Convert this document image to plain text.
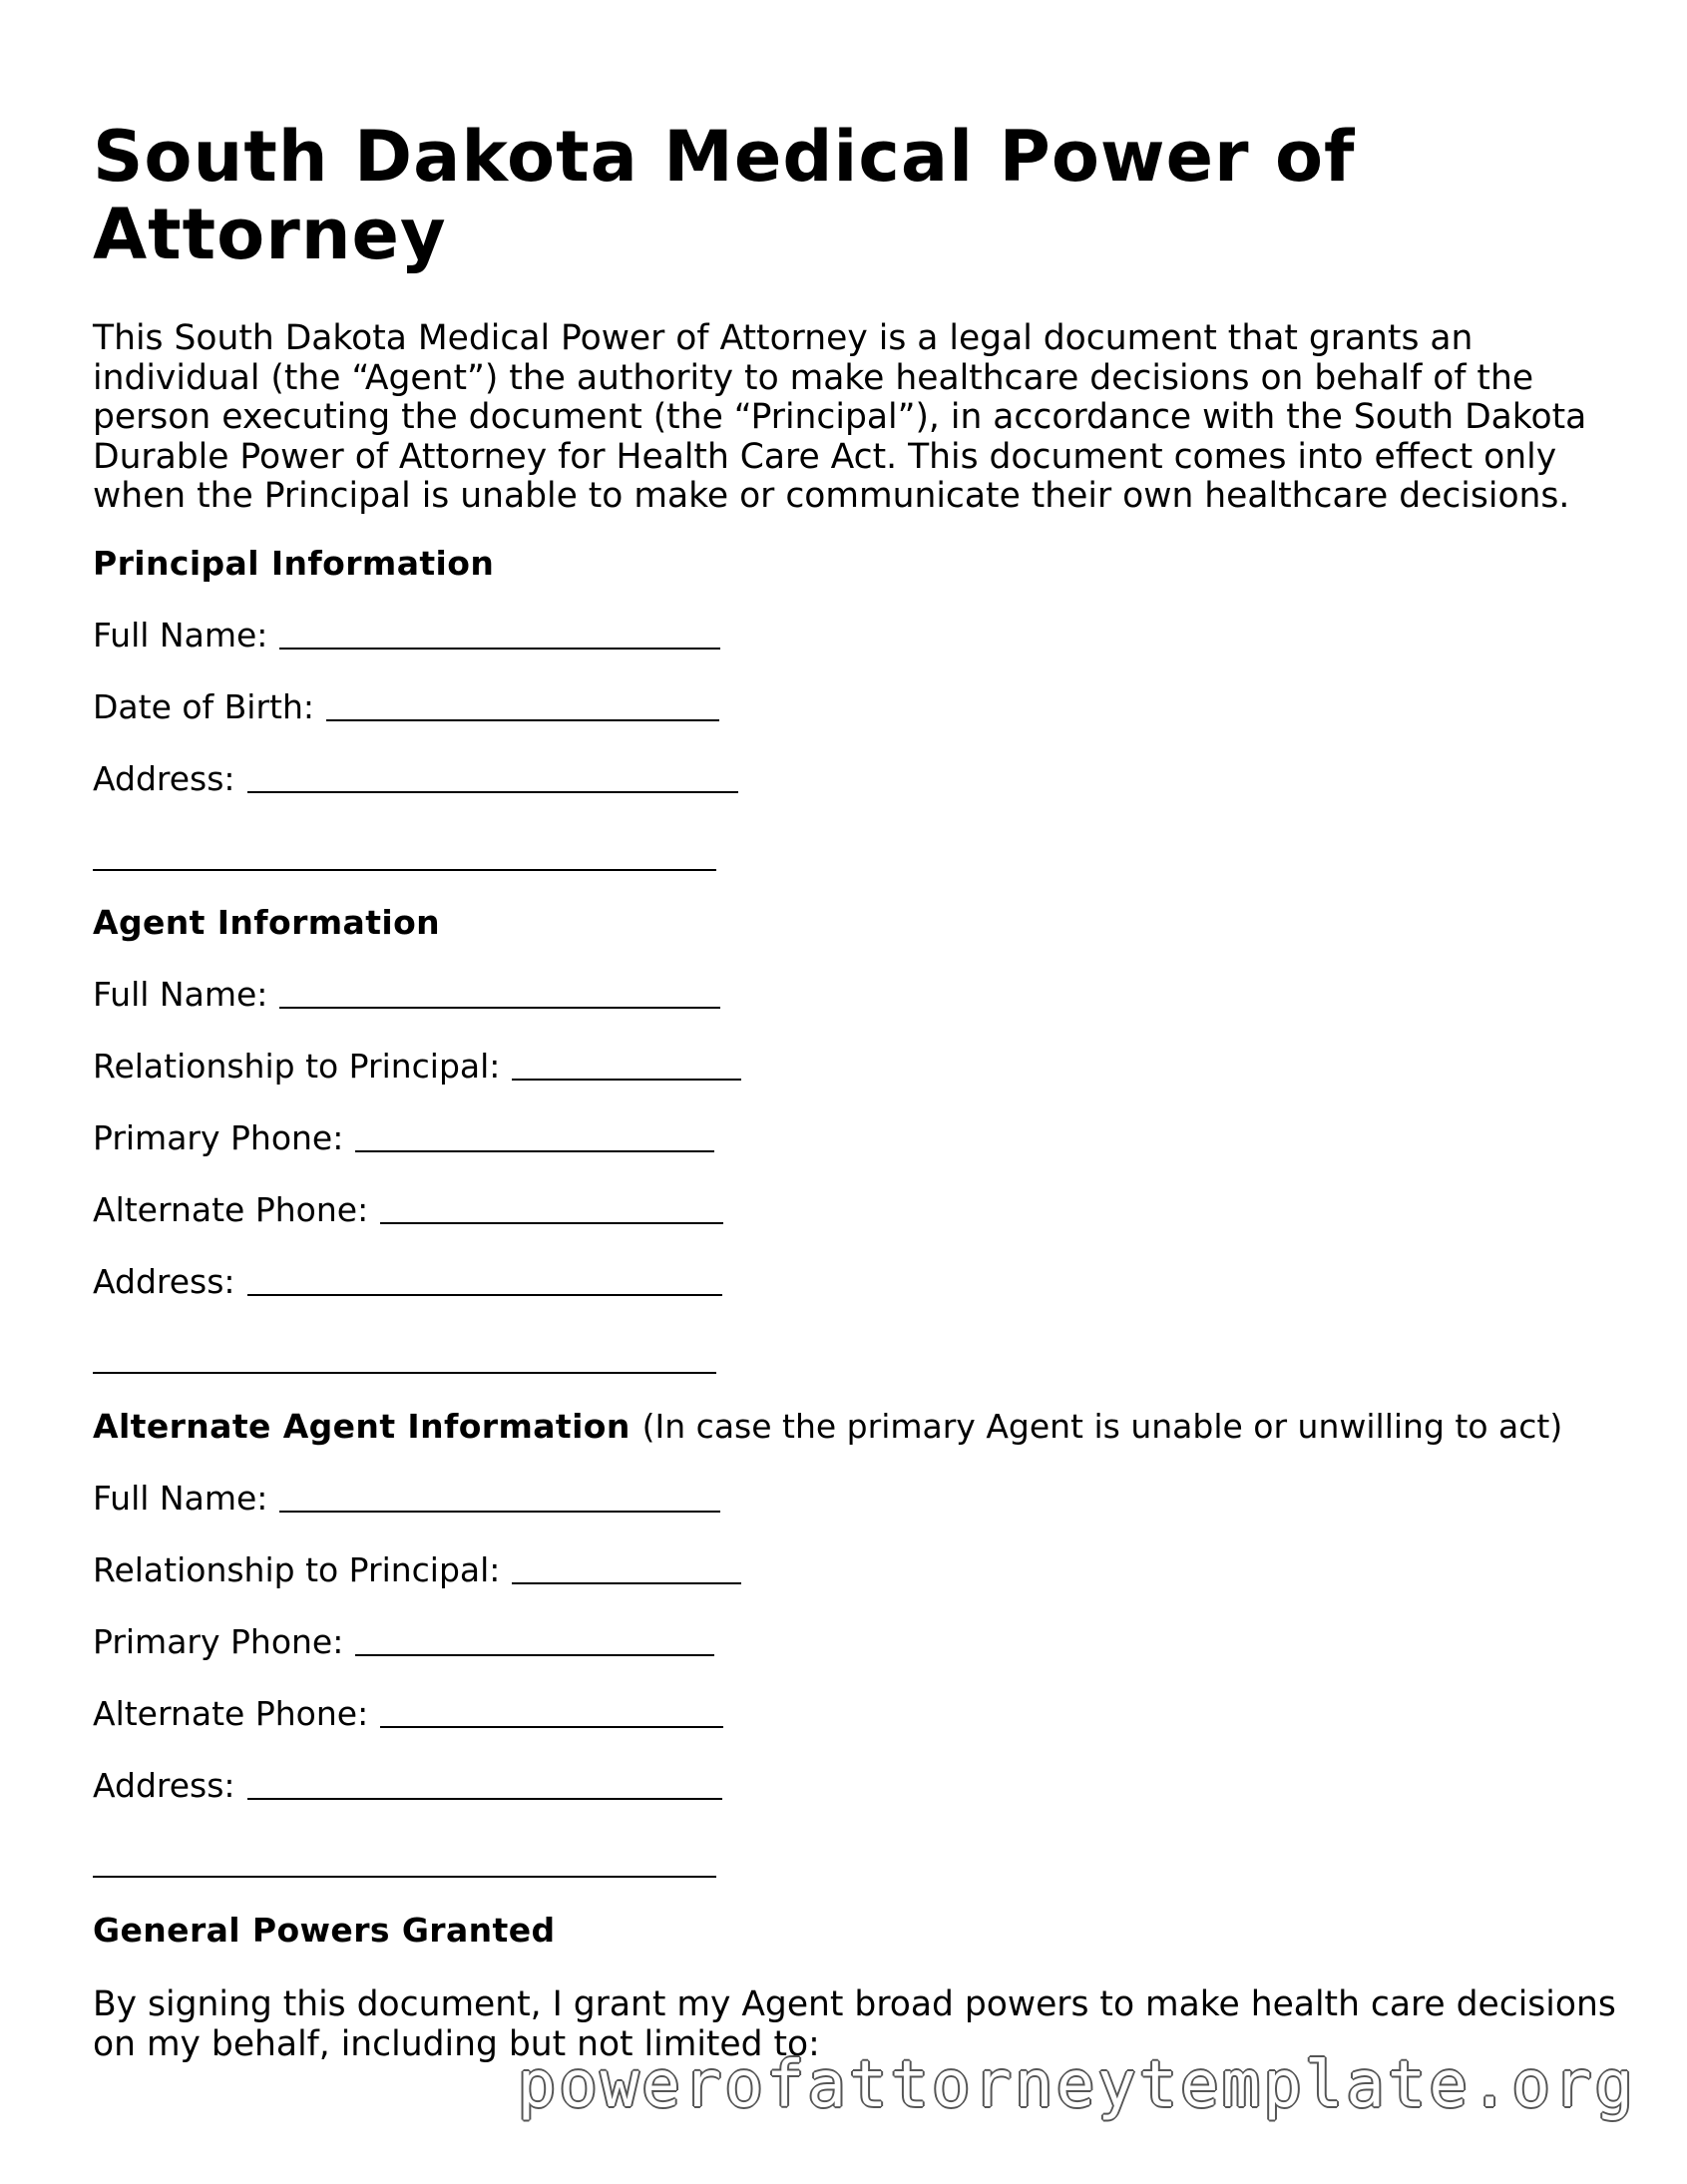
South Dakota Medical Power of Attorney

This South Dakota Medical Power of Attorney is a legal document that grants an individual (the “Agent”) the authority to make healthcare decisions on behalf of the person executing the document (the “Principal”), in accordance with the South Dakota Durable Power of Attorney for Health Care Act. This document comes into effect only when the Principal is unable to make or communicate their own healthcare decisions.

Principal Information
Full Name:
Date of Birth:
Address:
Agent Information
Full Name:
Relationship to Principal:
Primary Phone:
Alternate Phone:
Address:
Alternate Agent Information (In case the primary Agent is unable or unwilling to act)
Full Name:
Relationship to Principal:
Primary Phone:
Alternate Phone:
Address:
General Powers Granted

By signing this document, I grant my Agent broad powers to make health care decisions on my behalf, including but not limited to:

powerofattorneytemplate.org
